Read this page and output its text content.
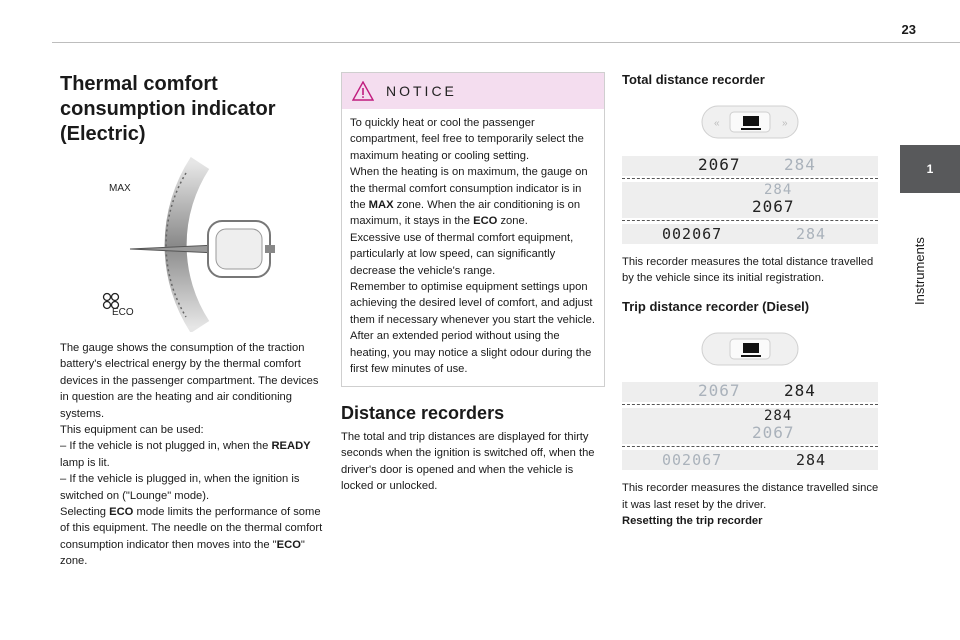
23
1
Instruments
Thermal comfort consumption indicator (Electric)
MAX
ECO

The gauge shows the consumption of the traction battery's electrical energy by the thermal comfort devices in the passenger compartment. The devices in question are the heating and air conditioning systems.

This equipment can be used:

– If the vehicle is not plugged in, when the READY lamp is lit.

– If the vehicle is plugged in, when the ignition is switched on ("Lounge" mode).

Selecting ECO mode limits the performance of some of this equipment. The needle on the thermal comfort consumption indicator then moves into the "ECO" zone.

NOTICE

To quickly heat or cool the passenger compartment, feel free to temporarily select the maximum heating or cooling setting.

When the heating is on maximum, the gauge on the thermal comfort consumption indicator is in the MAX zone. When the air conditioning is on maximum, it stays in the ECO zone.

Excessive use of thermal comfort equipment, particularly at low speed, can significantly decrease the vehicle's range.

Remember to optimise equipment settings upon achieving the desired level of comfort, and adjust them if necessary whenever you start the vehicle.

After an extended period without using the heating, you may notice a slight odour during the first few minutes of use.

Distance recorders

The total and trip distances are displayed for thirty seconds when the ignition is switched off, when the driver's door is opened and when the vehicle is locked or unlocked.

Total distance recorder
«	»
2067	284
284
2067
002067	284

This recorder measures the total distance travelled by the vehicle since its initial registration.

Trip distance recorder (Diesel)
2067	284
284
2067
002067	284

This recorder measures the distance travelled since it was last reset by the driver.

Resetting the trip recorder
